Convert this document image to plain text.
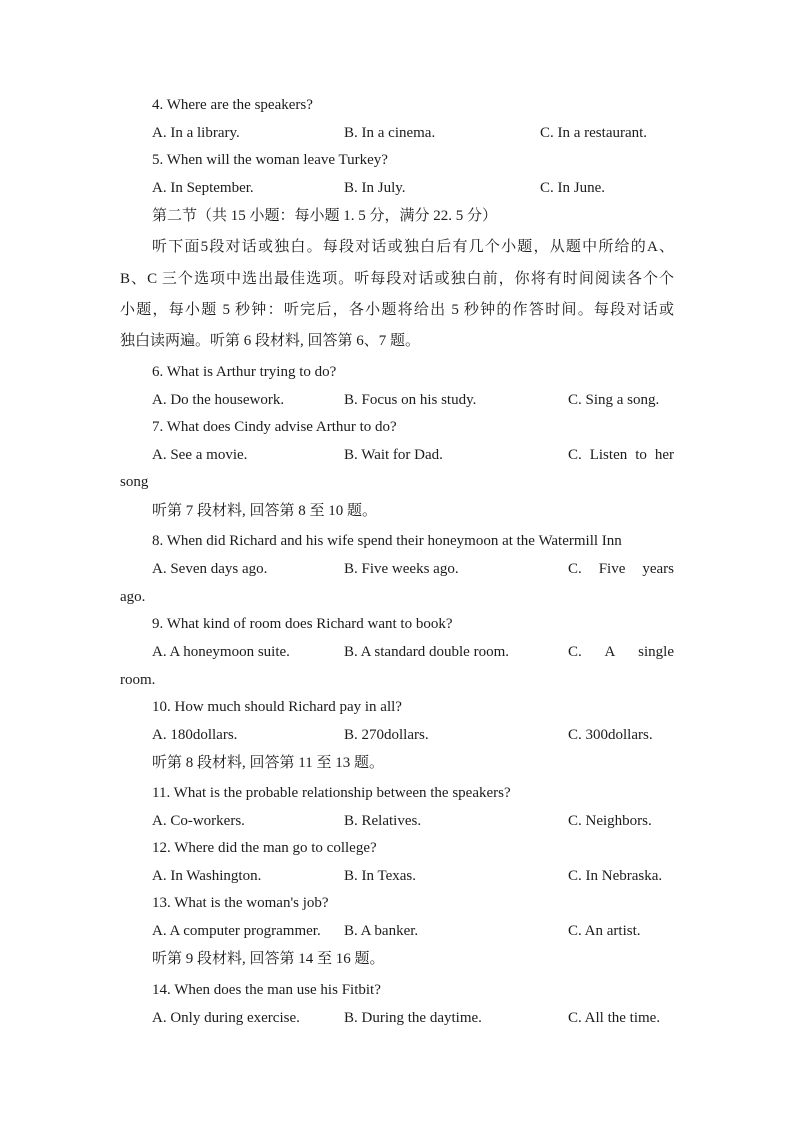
4. Where are the speakers?
A. In a library.	B. In a cinema.	C. In a restaurant.
5. When will the woman leave Turkey?
A. In September.	B. In July.	C. In June.
第二节（共 15 小题：每小题 1. 5 分，满分 22. 5 分）
听下面5段对话或独白。每段对话或独白后有几个小题，从题中所给的A、
B、C 三个选项中选出最佳选项。听每段对话或独白前，你将有时间阅读各个个
小题，每小题 5 秒钟：听完后，各小题将给出 5 秒钟的作答时间。每段对话或
独白读两遍。听第 6 段材料, 回答第 6、7 题。
6. What is Arthur trying to do?
A. Do the housework.	B. Focus on his study.	C. Sing a song.
7. What does Cindy advise Arthur to do?
A. See a movie.	B. Wait for Dad.	C. Listen to her
song
听第 7 段材料, 回答第 8 至 10 题。
8. When did Richard and his wife spend their honeymoon at the Watermill Inn
A. Seven days ago.	B. Five weeks ago.	C. Five years
ago.
9. What kind of room does Richard want to book?
A. A honeymoon suite.	B. A standard double room.	C. A single
room.
10. How much should Richard pay in all?
A. 180dollars.	B. 270dollars.	C. 300dollars.
听第 8 段材料, 回答第 11 至 13 题。
11. What is the probable relationship between the speakers?
A. Co-workers.	B. Relatives.	C. Neighbors.
12. Where did the man go to college?
A. In Washington.	B. In Texas.	C. In Nebraska.
13. What is the woman's job?
A. A computer programmer. B. A banker.	C. An artist.
听第 9 段材料, 回答第 14 至 16 题。
14. When does the man use his Fitbit?
A. Only during exercise.	B. During the daytime.	C. All the time.
